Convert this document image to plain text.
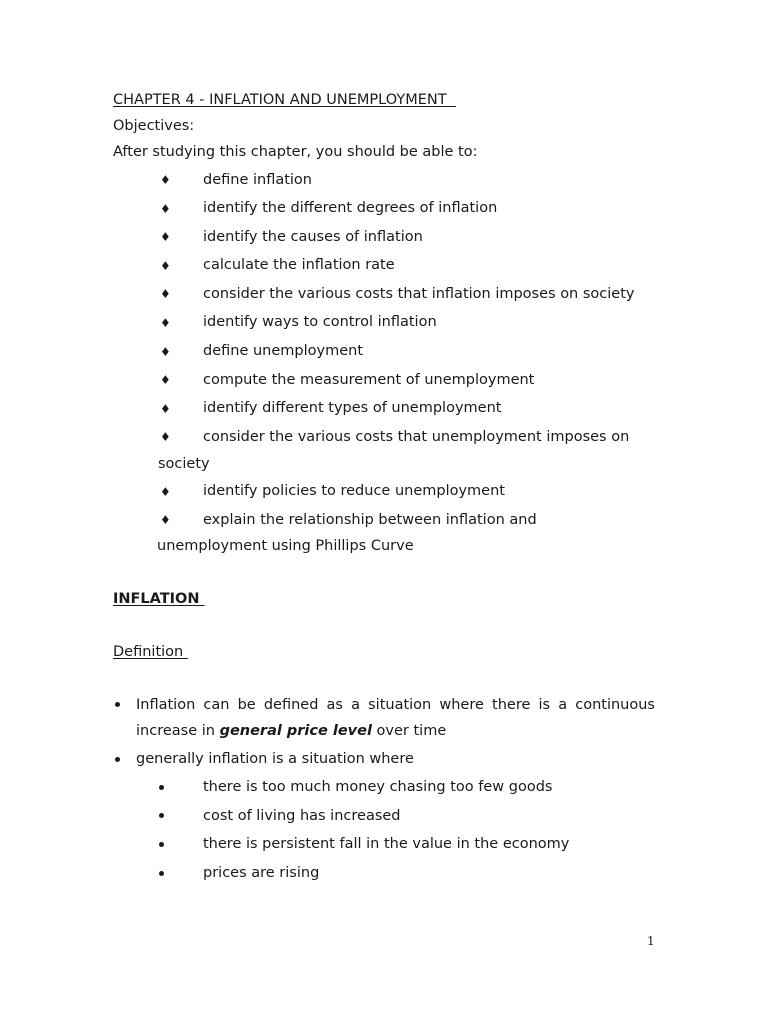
CHAPTER 4 - INFLATION AND UNEMPLOYMENT
Objectives:
After studying this chapter, you should be able to:
♦ define inflation
♦ identify the different degrees of inflation
♦ identify the causes of inflation
♦ calculate the inflation rate
♦ consider the various costs that inflation imposes on society
♦ identify ways to control inflation
♦ define unemployment
♦ compute the measurement of unemployment
♦ identify different types of unemployment
♦ consider the various costs that unemployment imposes on
society
♦ identify policies to reduce unemployment
♦ explain the relationship between inflation and
unemployment using Phillips Curve
INFLATION
Definition
Inflation can be defined as a situation where there is a continuous
increase in general price level over time
generally inflation is a situation where
there is too much money chasing too few goods
cost of living has increased
there is persistent fall in the value in the economy
prices are rising
1
